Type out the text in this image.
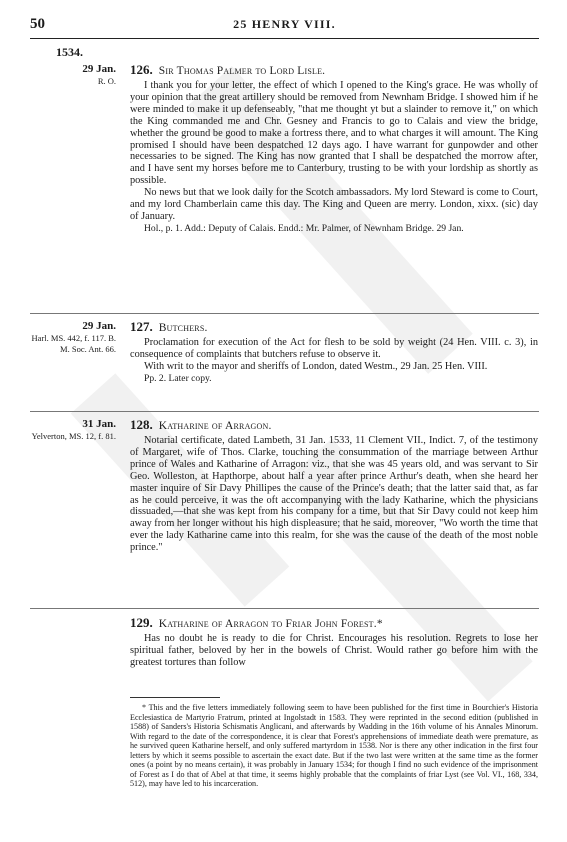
50	25 HENRY VIII.
1534.
29 Jan.
R. O.
126. Sir Thomas Palmer to Lord Lisle.

I thank you for your letter, the effect of which I opened to the King's grace. He was wholly of your opinion that the great artillery should be removed from Newnham Bridge. I showed him if he were minded to make it up defenseably, "that me thought yt but a slainder to remove it," on which the King commanded me and Chr. Gesney and Francis to go to Calais and view the bridge, whether the ground be good to make a fortress there, and to what charges it will amount. The King promised I should have been despatched 12 days ago. I have warrant for gunpowder and other necessaries to be signed. The King has now granted that I shall be despatched the morrow after, and I have sent my horses before me to Canterbury, trusting to be with your lordship as shortly as possible.

No news but that we look daily for the Scotch ambassadors. My lord Steward is come to Court, and my lord Chamberlain came this day. The King and Queen are merry. London, xixx. (sic) day of January.

Hol., p. 1. Add.: Deputy of Calais. Endd.: Mr. Palmer, of Newnham Bridge. 29 Jan.

29 Jan.
Harl. MS. 442, f. 117. B. M. Soc. Ant. 66.
127. Butchers.

Proclamation for execution of the Act for flesh to be sold by weight (24 Hen. VIII. c. 3), in consequence of complaints that butchers refuse to observe it.

With writ to the mayor and sheriffs of London, dated Westm., 29 Jan. 25 Hen. VIII.

Pp. 2. Later copy.

31 Jan.
Yelverton, MS. 12, f. 81.
128. Katharine of Arragon.

Notarial certificate, dated Lambeth, 31 Jan. 1533, 11 Clement VII., Indict. 7, of the testimony of Margaret, wife of Thos. Clarke, touching the consummation of the marriage between Arthur prince of Wales and Katharine of Arragon: viz., that she was 45 years old, and was servant to Sir Geo. Wolleston, at Hapthorpe, about half a year after prince Arthur's death, when she heard her master inquire of Sir Davy Phillipes the cause of the Prince's death; that the latter said that, as far as he could perceive, it was the oft accompanying with the lady Katharine, which the physicians dissuaded,—that she was kept from his company for a time, but that Sir Davy could not keep him away from her longer without his high displeasure; that he said, moreover, "Wo worth the time that ever the lady Katharine came into this realm, for she was the cause of the death of the most noble prince."

129. Katharine of Arragon to Friar John Forest.*

Has no doubt he is ready to die for Christ. Encourages his resolution. Regrets to lose her spiritual father, beloved by her in the bowels of Christ. Would rather go before him with the greatest tortures than follow

* This and the five letters immediately following seem to have been published for the first time in Bourchier's Historia Ecclesiastica de Martyrio Fratrum, printed at Ingolstadt in 1583. They were reprinted in the second edition (published in 1588) of Sanders's Historia Schismatis Anglicani, and afterwards by Wadding in the 16th volume of his Annales Minorum. With regard to the date of the correspondence, it is clear that Forest's apprehensions of immediate death were premature, as he survived queen Katharine herself, and only suffered martyrdom in 1538. Nor is there any other indication in the first four letters by which it seems possible to ascertain the exact date. But if the two last were written at the same time as the former ones (a point by no means certain), it was probably in January 1534; for though I find no such evidence of the imprisonment of Forest as I do that of Abel at that time, it seems highly probable that the complaints of friar Lyst (see Vol. VI., 168, 334, 512), may have led to his incarceration.
